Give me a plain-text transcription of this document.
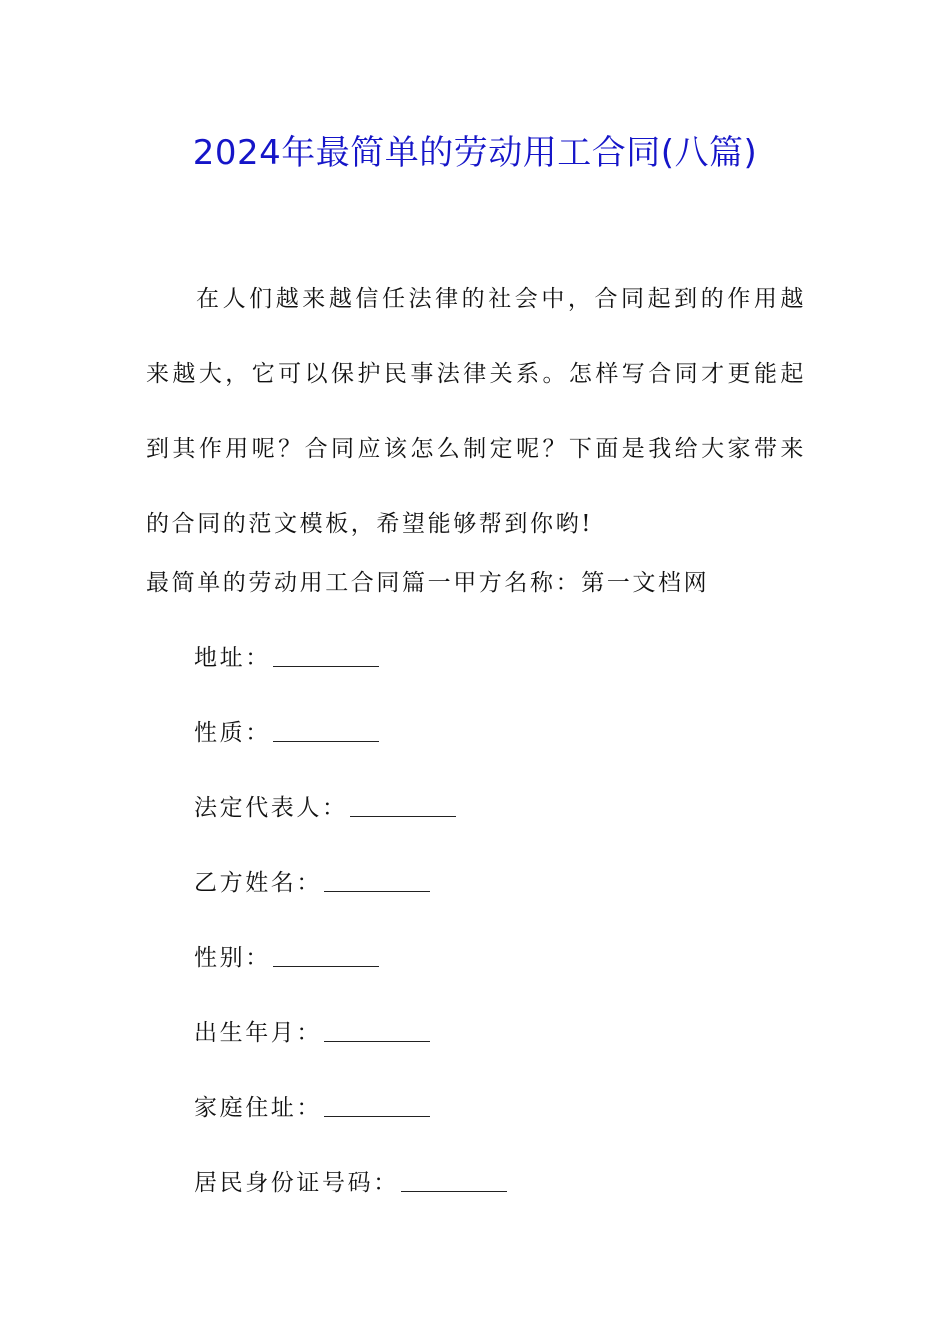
2024年最简单的劳动用工合同(八篇)

在人们越来越信任法律的社会中，合同起到的作用越来越大，它可以保护民事法律关系。怎样写合同才更能起到其作用呢？合同应该怎么制定呢？下面是我给大家带来的合同的范文模板，希望能够帮到你哟!

最简单的劳动用工合同篇一甲方名称：第一文档网
地址：
性质：
法定代表人：
乙方姓名：
性别：
出生年月：
家庭住址：
居民身份证号码：
